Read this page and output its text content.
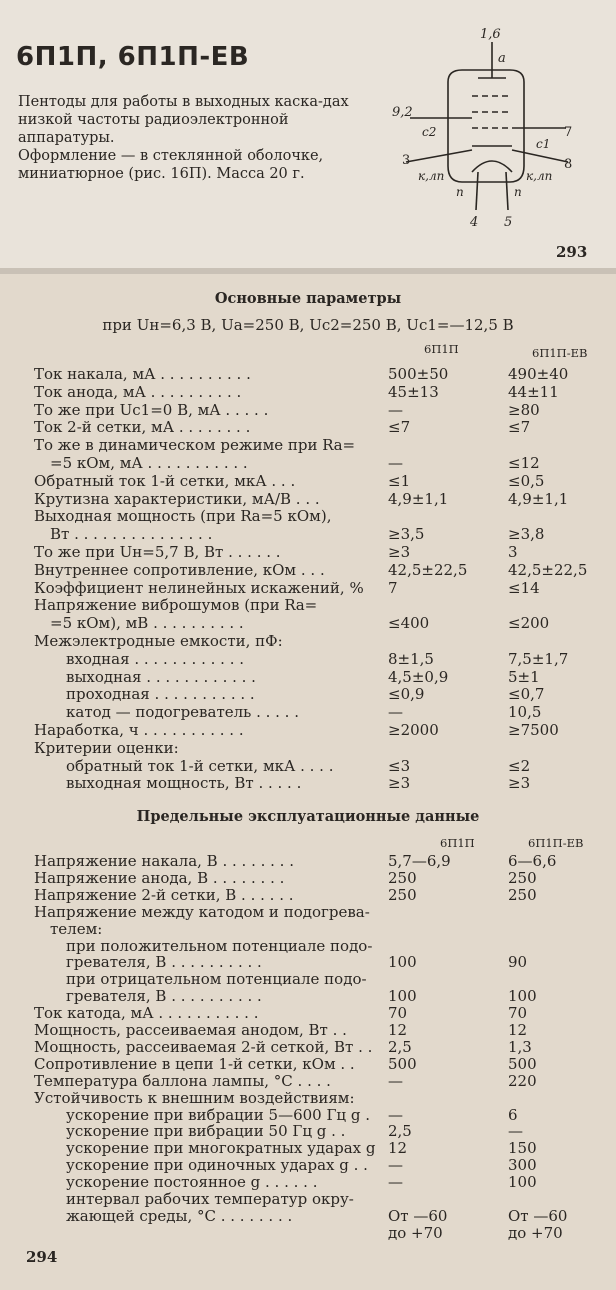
6П1П, 6П1П-ЕВ

Пентоды для работы в выходных каска-дах низкой частоты радиоэлектронной аппаратуры.

Оформление — в стеклянной оболочке, миниатюрное (рис. 16П). Масса 20 г.

1,6
a
9,2
c2	7
c1
3	8
к,лп	к,лп
п	п
4 5
293
Основные параметры
при Uн=6,3 В, Uа=250 В, Uс2=250 В, Uс1=—12,5 В
6П1П	6П1П-ЕВ
Ток накала, мА . . . . . . . . . .	500±50	490±40
Ток анода, мА . . . . . . . . . .	45±13	44±11
То же при Uс1=0 В, мА . . . . .	—	≥80
Ток 2-й сетки, мА . . . . . . . .	≤7	≤7
То же в динамическом режиме при Rа=
=5 кОм, мА . . . . . . . . . . .	—	≤12
Обратный ток 1-й сетки, мкА . . .	≤1	≤0,5
Крутизна характеристики, мА/В . . .	4,9±1,1	4,9±1,1
Выходная мощность (при Rа=5 кОм),
Вт . . . . . . . . . . . . . . .	≥3,5	≥3,8
То же при Uн=5,7 В, Вт . . . . . .	≥3	3
Внутреннее сопротивление, кОм . . .	42,5±22,5	42,5±22,5
Коэффициент нелинейных искажений, % 7	≤14
Напряжение виброшумов (при Rа=
=5 кОм), мВ . . . . . . . . . .	≤400	≤200
Межэлектродные емкости, пФ:
входная . . . . . . . . . . . .	8±1,5	7,5±1,7
выходная . . . . . . . . . . . .	4,5±0,9	5±1
проходная . . . . . . . . . . .	≤0,9	≤0,7
катод — подогреватель . . . . .	—	10,5
Наработка, ч . . . . . . . . . . .	≥2000	≥7500
Критерии оценки:
обратный ток 1-й сетки, мкА . . . .	≤3	≤2
выходная мощность, Вт . . . . .	≥3	≥3
Предельные эксплуатационные данные
6П1П	6П1П-ЕВ
Напряжение накала, В . . . . . . . .	5,7—6,9	6—6,6
Напряжение анода, В . . . . . . . .	250	250
Напряжение 2-й сетки, В . . . . . .	250	250
Напряжение между катодом и подогрева-
телем:
при положительном потенциале подо-
гревателя, В . . . . . . . . . .	100	90
при отрицательном потенциале подо-
гревателя, В . . . . . . . . . .	100	100
Ток катода, мА . . . . . . . . . . .	70	70
Мощность, рассеиваемая анодом, Вт . .	12	12
Мощность, рассеиваемая 2-й сеткой, Вт . . 2,5	1,3
Сопротивление в цепи 1-й сетки, кОм . . 500	500
Температура баллона лампы, °С . . . .	—	220
Устойчивость к внешним воздействиям:
ускорение при вибрации 5—600 Гц g . —	6
ускорение при вибрации 50 Гц g . .	2,5	—
ускорение при многократных ударах g 12	150
ускорение при одиночных ударах g . . —	300
ускорение постоянное g . . . . . .	—	100
интервал рабочих температур окру-
жающей среды, °С . . . . . . . .	От —60	От —60
до +70	до +70
294
